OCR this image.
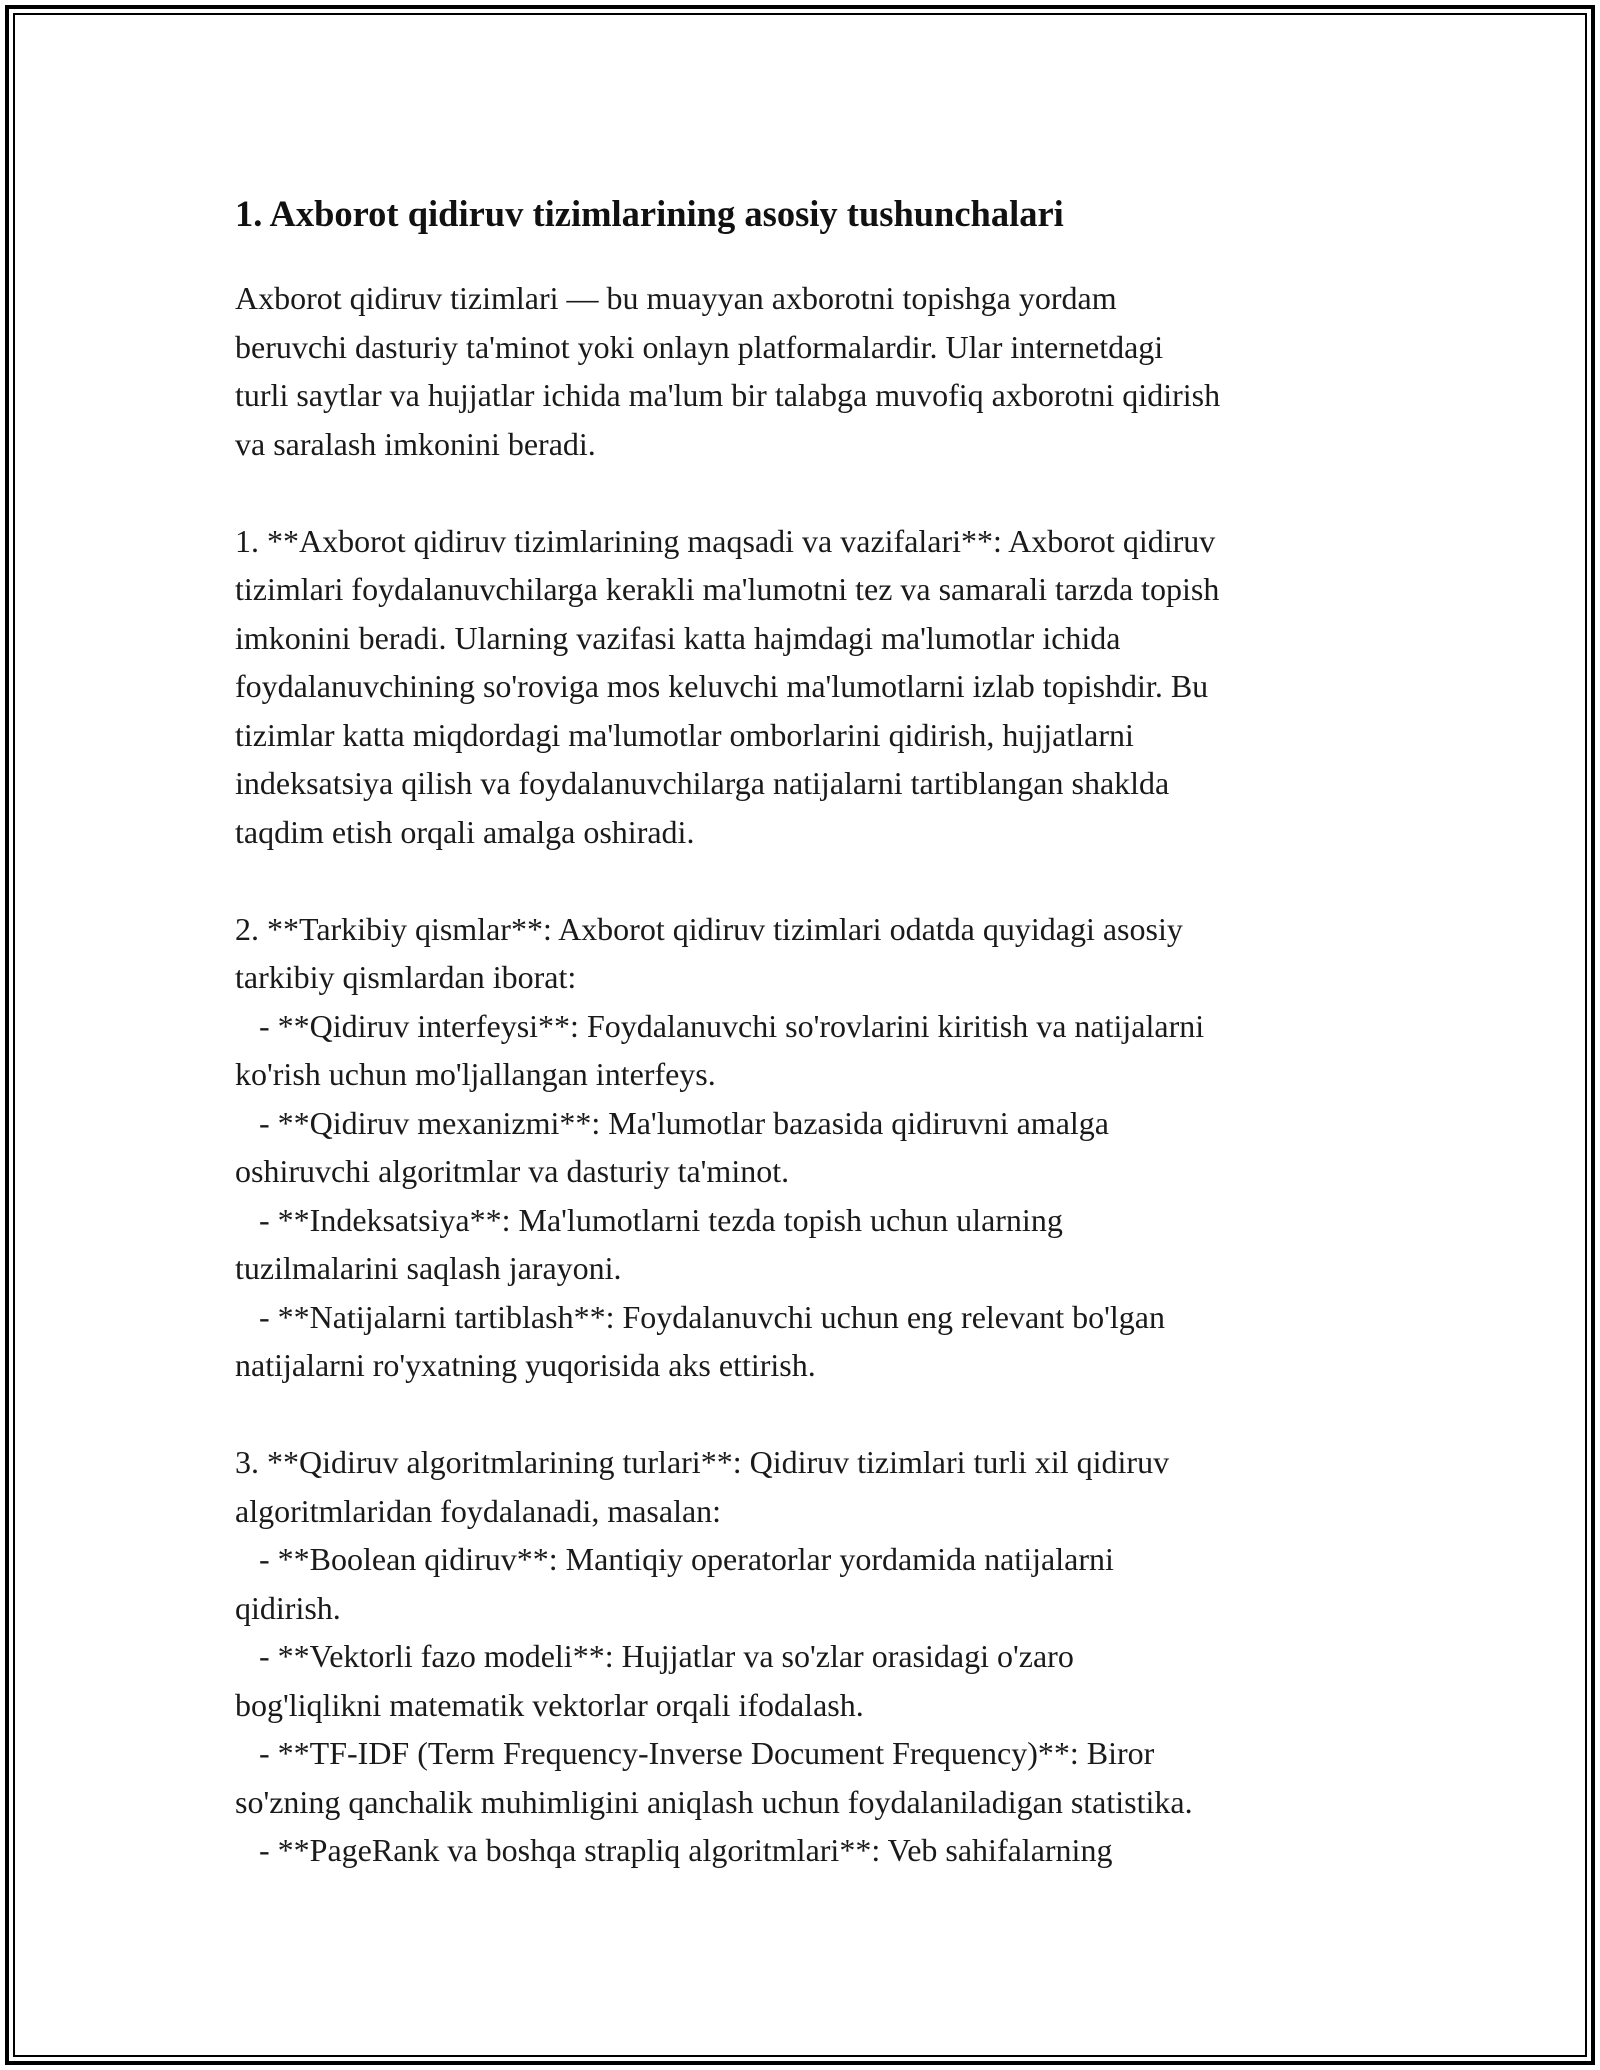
1. Axborot qidiruv tizimlarining asosiy tushunchalari

Axborot qidiruv tizimlari — bu muayyan axborotni topishga yordam
beruvchi dasturiy ta'minot yoki onlayn platformalardir. Ular internetdagi
turli saytlar va hujjatlar ichida ma'lum bir talabga muvofiq axborotni qidirish
va saralash imkonini beradi.

1. **Axborot qidiruv tizimlarining maqsadi va vazifalari**: Axborot qidiruv
tizimlari foydalanuvchilarga kerakli ma'lumotni tez va samarali tarzda topish
imkonini beradi. Ularning vazifasi katta hajmdagi ma'lumotlar ichida
foydalanuvchining so'roviga mos keluvchi ma'lumotlarni izlab topishdir. Bu
tizimlar katta miqdordagi ma'lumotlar omborlarini qidirish, hujjatlarni
indeksatsiya qilish va foydalanuvchilarga natijalarni tartiblangan shaklda
taqdim etish orqali amalga oshiradi.

2. **Tarkibiy qismlar**: Axborot qidiruv tizimlari odatda quyidagi asosiy
tarkibiy qismlardan iborat:
- **Qidiruv interfeysi**: Foydalanuvchi so'rovlarini kiritish va natijalarni
ko'rish uchun mo'ljallangan interfeys.
- **Qidiruv mexanizmi**: Ma'lumotlar bazasida qidiruvni amalga
oshiruvchi algoritmlar va dasturiy ta'minot.
- **Indeksatsiya**: Ma'lumotlarni tezda topish uchun ularning
tuzilmalarini saqlash jarayoni.
- **Natijalarni tartiblash**: Foydalanuvchi uchun eng relevant bo'lgan
natijalarni ro'yxatning yuqorisida aks ettirish.

3. **Qidiruv algoritmlarining turlari**: Qidiruv tizimlari turli xil qidiruv
algoritmlaridan foydalanadi, masalan:
- **Boolean qidiruv**: Mantiqiy operatorlar yordamida natijalarni
qidirish.
- **Vektorli fazo modeli**: Hujjatlar va so'zlar orasidagi o'zaro
bog'liqlikni matematik vektorlar orqali ifodalash.
- **TF-IDF (Term Frequency-Inverse Document Frequency)**: Biror
so'zning qanchalik muhimligini aniqlash uchun foydalaniladigan statistika.
- **PageRank va boshqa strapliq algoritmlari**: Veb sahifalarning
